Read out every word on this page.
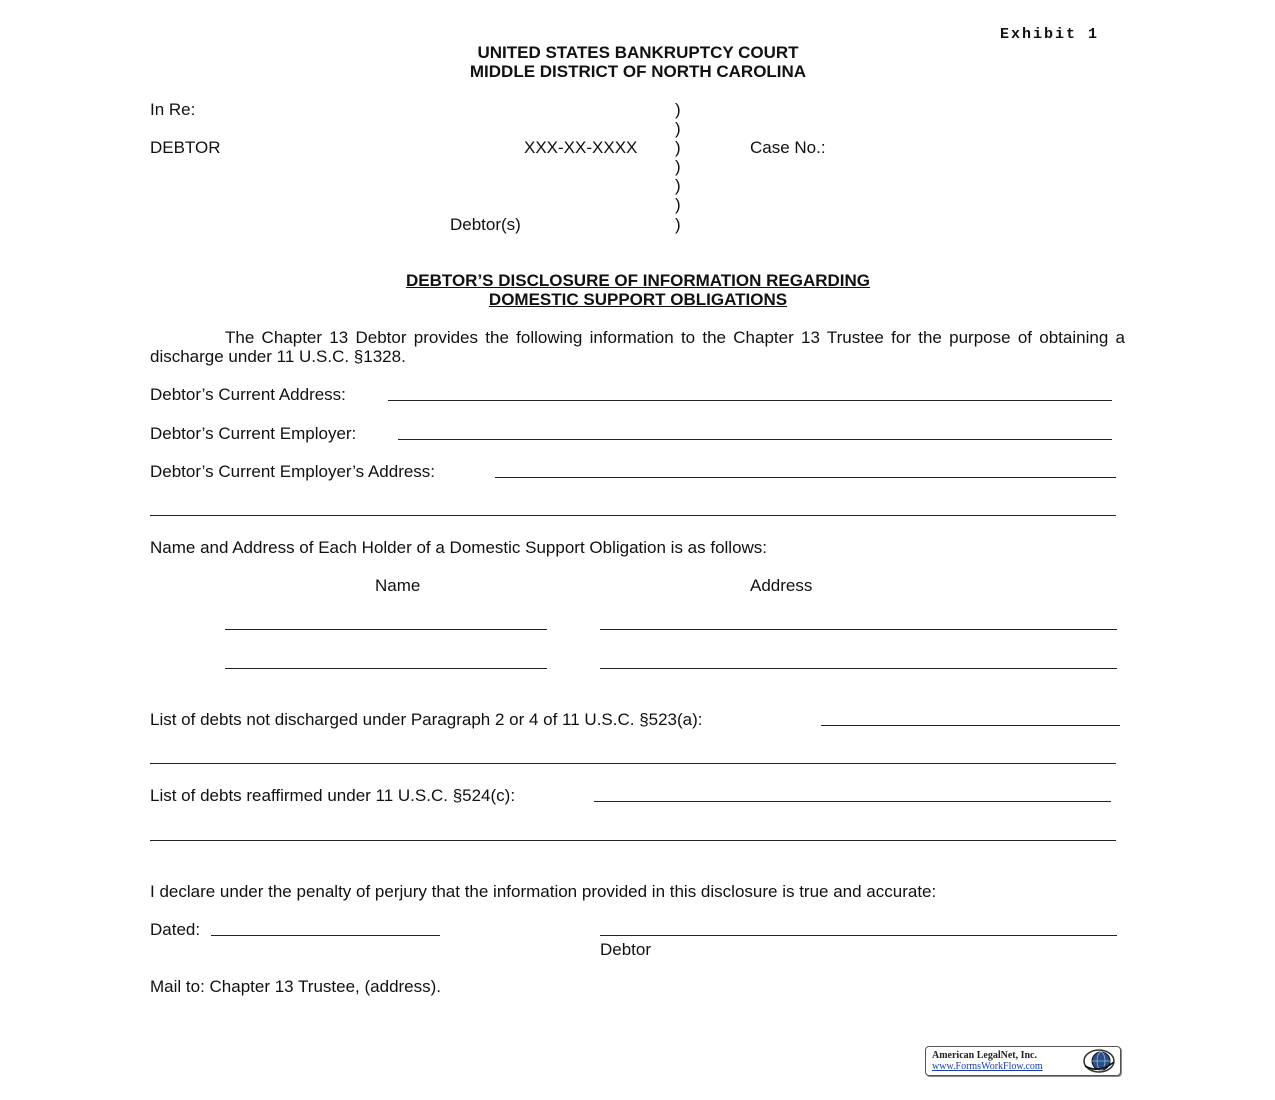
Exhibit 1
UNITED STATES BANKRUPTCY COURT
MIDDLE DISTRICT OF NORTH CAROLINA
In Re:
DEBTOR	XXX-XX-XXXX	Case No.:
Debtor(s)
)
)
)
)
)
)
)
DEBTOR’S DISCLOSURE OF INFORMATION REGARDING
DOMESTIC SUPPORT OBLIGATIONS
The Chapter 13 Debtor provides the following information to the Chapter 13 Trustee for the purpose of obtaining a discharge under 11 U.S.C. §1328.
Debtor’s Current Address:
Debtor’s Current Employer:
Debtor’s Current Employer’s Address:
Name and Address of Each Holder of a Domestic Support Obligation is as follows:
Name	Address
List of debts not discharged under Paragraph 2 or 4 of 11 U.S.C. §523(a):
List of debts reaffirmed under 11 U.S.C. §524(c):
I declare under the penalty of perjury that the information provided in this disclosure is true and accurate:
Dated:
Debtor
Mail to: Chapter 13 Trustee, (address).
American LegalNet, Inc.
www.FormsWorkFlow.com
